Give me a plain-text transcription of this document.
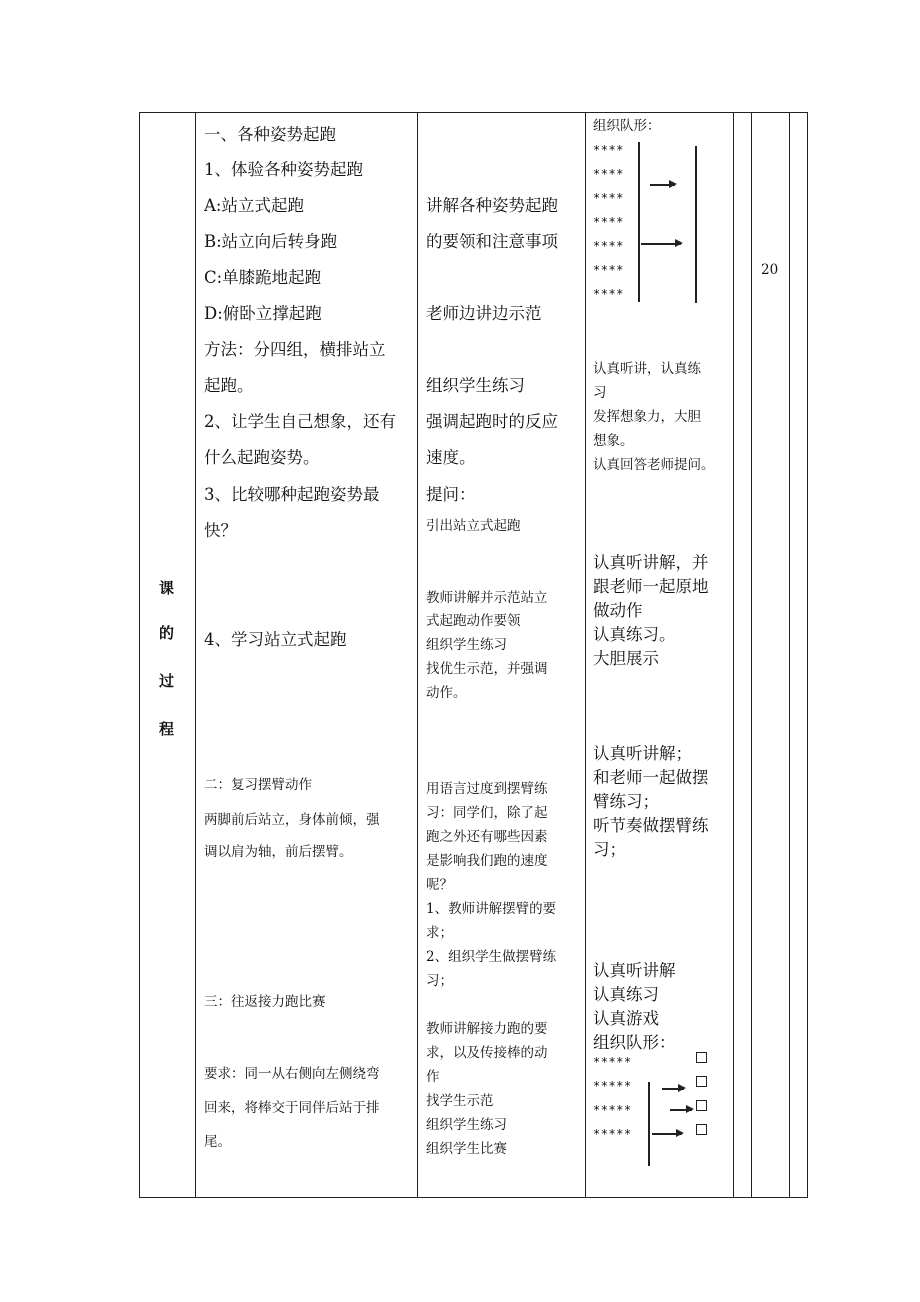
课
的
过
程
一、各种姿势起跑
1、体验各种姿势起跑
A:站立式起跑
B:站立向后转身跑
C:单膝跪地起跑
D:俯卧立撑起跑
方法：分四组，横排站立
起跑。
2、让学生自己想象，还有
什么起跑姿势。
3、比较哪种起跑姿势最
快？
4、学习站立式起跑
二：复习摆臂动作
两脚前后站立，身体前倾，强
调以肩为轴，前后摆臂。
三：往返接力跑比赛
要求：同一从右侧向左侧绕弯
回来，将棒交于同伴后站于排
尾。
讲解各种姿势起跑
的要领和注意事项
老师边讲边示范
组织学生练习
强调起跑时的反应
速度。
提问：
引出站立式起跑
教师讲解并示范站立
式起跑动作要领
组织学生练习
找优生示范，并强调
动作。
用语言过度到摆臂练
习：同学们，除了起
跑之外还有哪些因素
是影响我们跑的速度
呢？
1、教师讲解摆臂的要
求；
2、组织学生做摆臂练
习；
教师讲解接力跑的要
求，以及传接棒的动
作
找学生示范
组织学生练习
组织学生比赛
组织队形：
****
****
****
****
****
****
****
认真听讲，认真练
习
发挥想象力，大胆
想象。
认真回答老师提问。
认真听讲解，并
跟老师一起原地
做动作
认真练习。
大胆展示
认真听讲解；
和老师一起做摆
臂练习；
听节奏做摆臂练
习；
认真听讲解
认真练习
认真游戏
组织队形：
*****
*****
*****
*****
20
